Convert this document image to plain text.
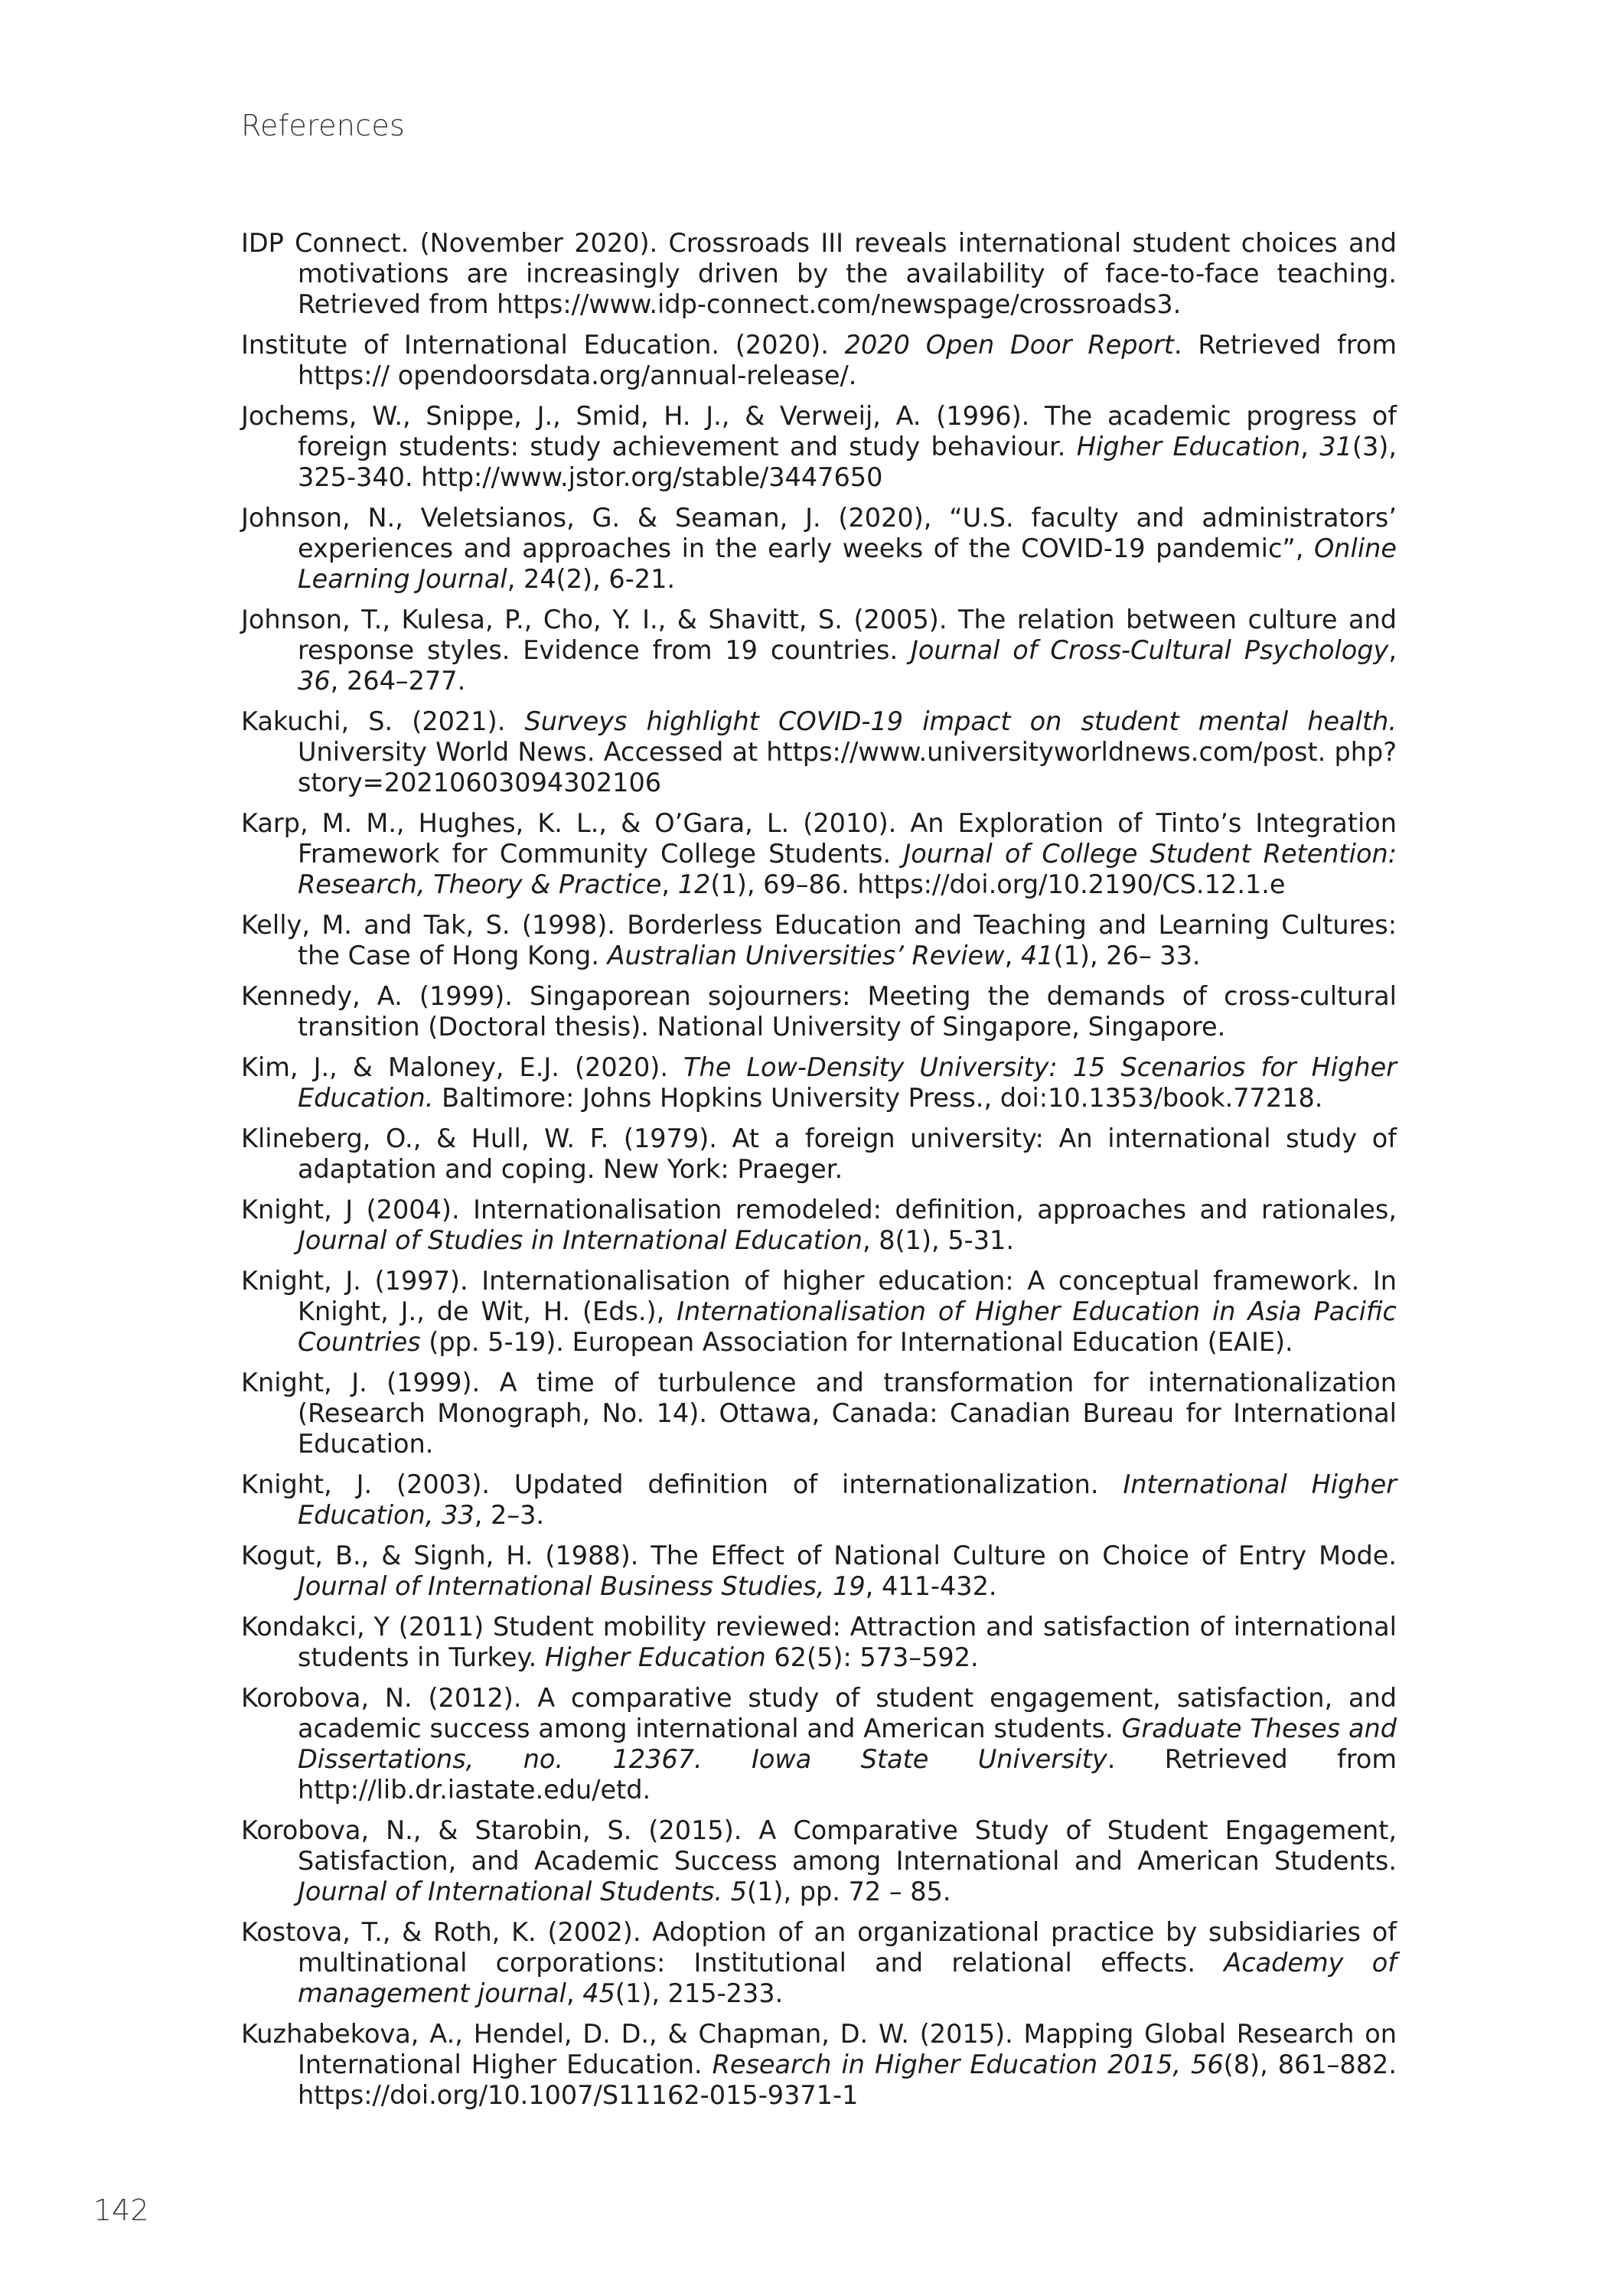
References

IDP Connect. (November 2020). Crossroads III reveals international student choices and motivations are increasingly driven by the availability of face-to-face teaching. Retrieved from https://www.idp-connect.com/newspage/crossroads3.

Institute of International Education. (2020). 2020 Open Door Report. Retrieved from https:// opendoorsdata.org/annual-release/.

Jochems, W., Snippe, J., Smid, H. J., & Verweij, A. (1996). The academic progress of foreign students: study achievement and study behaviour. Higher Education, 31(3), 325-340. http://www.jstor.org/stable/3447650

Johnson, N., Veletsianos, G. & Seaman, J. (2020), “U.S. faculty and administrators’ experiences and approaches in the early weeks of the COVID-19 pandemic”, Online Learning Journal, 24(2), 6-21.

Johnson, T., Kulesa, P., Cho, Y. I., & Shavitt, S. (2005). The relation between culture and response styles. Evidence from 19 countries. Journal of Cross-Cultural Psychology, 36, 264–277.

Kakuchi, S. (2021). Surveys highlight COVID-19 impact on student mental health. University World News. Accessed at https://www.universityworldnews.com/post. php?story=20210603094302106

Karp, M. M., Hughes, K. L., & O’Gara, L. (2010). An Exploration of Tinto’s Integration Framework for Community College Students. Journal of College Student Retention: Research, Theory & Practice, 12(1), 69–86. https://doi.org/10.2190/CS.12.1.e

Kelly, M. and Tak, S. (1998). Borderless Education and Teaching and Learning Cultures: the Case of Hong Kong. Australian Universities’ Review, 41(1), 26– 33.

Kennedy, A. (1999). Singaporean sojourners: Meeting the demands of cross-cultural transition (Doctoral thesis). National University of Singapore, Singapore.

Kim, J., & Maloney, E.J. (2020). The Low-Density University: 15 Scenarios for Higher Education. Baltimore: Johns Hopkins University Press., doi:10.1353/book.77218.

Klineberg, O., & Hull, W. F. (1979). At a foreign university: An international study of adaptation and coping. New York: Praeger.

Knight, J (2004). Internationalisation remodeled: definition, approaches and rationales, Journal of Studies in International Education, 8(1), 5-31.

Knight, J. (1997). Internationalisation of higher education: A conceptual framework. In Knight, J., de Wit, H. (Eds.), Internationalisation of Higher Education in Asia Pacific Countries (pp. 5-19). European Association for International Education (EAIE).

Knight, J. (1999). A time of turbulence and transformation for internationalization (Research Monograph, No. 14). Ottawa, Canada: Canadian Bureau for International Education.

Knight, J. (2003). Updated definition of internationalization. International Higher Education, 33, 2–3.

Kogut, B., & Signh, H. (1988). The Effect of National Culture on Choice of Entry Mode. Journal of International Business Studies, 19, 411-432.

Kondakci, Y (2011) Student mobility reviewed: Attraction and satisfaction of international students in Turkey. Higher Education 62(5): 573–592.

Korobova, N. (2012). A comparative study of student engagement, satisfaction, and academic success among international and American students. Graduate Theses and Dissertations, no. 12367. Iowa State University. Retrieved from http://lib.dr.iastate.edu/etd.

Korobova, N., & Starobin, S. (2015). A Comparative Study of Student Engagement, Satisfaction, and Academic Success among International and American Students. Journal of International Students. 5(1), pp. 72 – 85.

Kostova, T., & Roth, K. (2002). Adoption of an organizational practice by subsidiaries of multinational corporations: Institutional and relational effects. Academy of management journal, 45(1), 215-233.

Kuzhabekova, A., Hendel, D. D., & Chapman, D. W. (2015). Mapping Global Research on International Higher Education. Research in Higher Education 2015, 56(8), 861–882. https://doi.org/10.1007/S11162-015-9371-1

142
